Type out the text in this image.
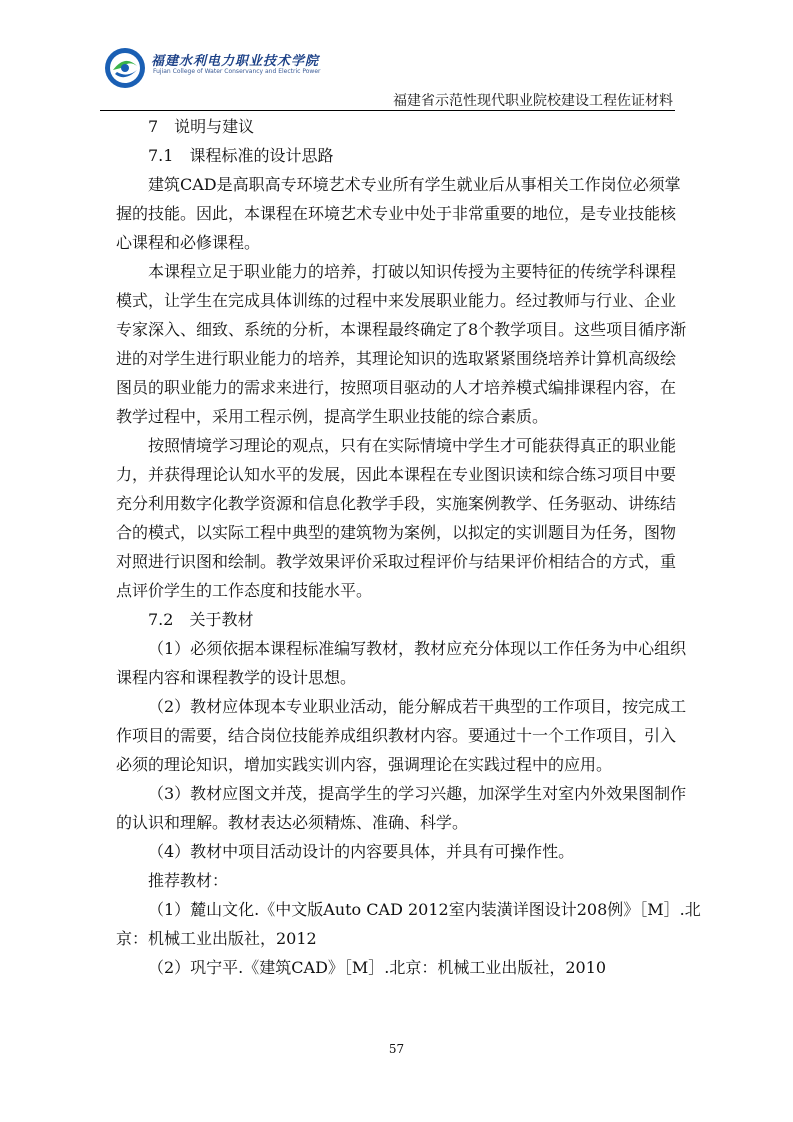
福建水利电力职业技术学院
Fujian College of Water Conservancy and Electric Power
福建省示范性现代职业院校建设工程佐证材料
7　说明与建议
7.1　课程标准的设计思路
建筑CAD是高职高专环境艺术专业所有学生就业后从事相关工作岗位必须掌
握的技能。因此，本课程在环境艺术专业中处于非常重要的地位，是专业技能核
心课程和必修课程。
本课程立足于职业能力的培养，打破以知识传授为主要特征的传统学科课程
模式，让学生在完成具体训练的过程中来发展职业能力。经过教师与行业、企业
专家深入、细致、系统的分析，本课程最终确定了8个教学项目。这些项目循序渐
进的对学生进行职业能力的培养，其理论知识的选取紧紧围绕培养计算机高级绘
图员的职业能力的需求来进行，按照项目驱动的人才培养模式编排课程内容，在
教学过程中，采用工程示例，提高学生职业技能的综合素质。
按照情境学习理论的观点，只有在实际情境中学生才可能获得真正的职业能
力，并获得理论认知水平的发展，因此本课程在专业图识读和综合练习项目中要
充分利用数字化教学资源和信息化教学手段，实施案例教学、任务驱动、讲练结
合的模式，以实际工程中典型的建筑物为案例，以拟定的实训题目为任务，图物
对照进行识图和绘制。教学效果评价采取过程评价与结果评价相结合的方式，重
点评价学生的工作态度和技能水平。
7.2　关于教材
（1）必须依据本课程标准编写教材，教材应充分体现以工作任务为中心组织
课程内容和课程教学的设计思想。
（2）教材应体现本专业职业活动，能分解成若干典型的工作项目，按完成工
作项目的需要，结合岗位技能养成组织教材内容。要通过十一个工作项目，引入
必须的理论知识，增加实践实训内容，强调理论在实践过程中的应用。
（3）教材应图文并茂，提高学生的学习兴趣，加深学生对室内外效果图制作
的认识和理解。教材表达必须精炼、准确、科学。
（4）教材中项目活动设计的内容要具体，并具有可操作性。
推荐教材：
（1）麓山文化.《中文版Auto CAD 2012室内装潢详图设计208例》［M］.北
京：机械工业出版社，2012
（2）巩宁平.《建筑CAD》［M］.北京：机械工业出版社，2010
57
